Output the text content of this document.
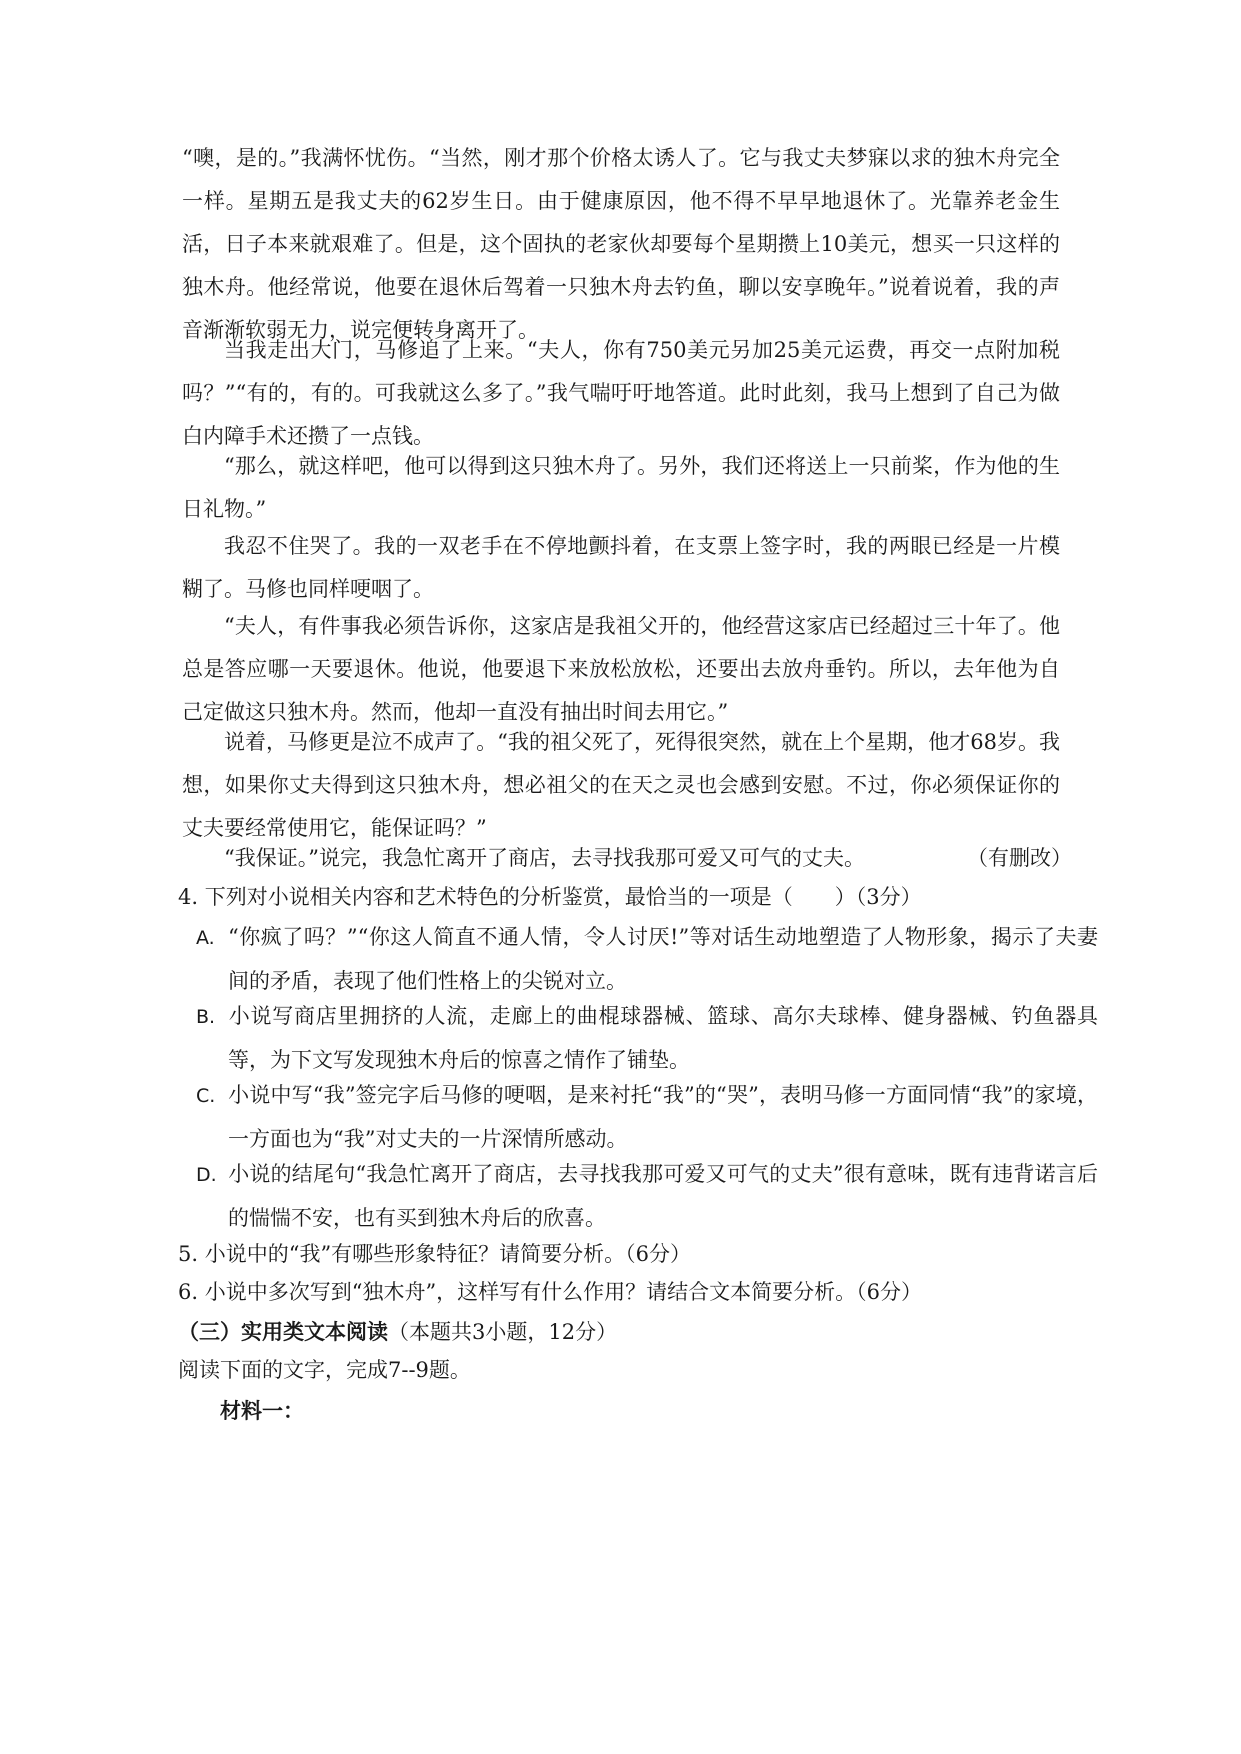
“噢，是的。”我满怀忧伤。“当然，刚才那个价格太诱人了。它与我丈夫梦寐以求的独木舟完全一样。星期五是我丈夫的62岁生日。由于健康原因，他不得不早早地退休了。光靠养老金生活，日子本来就艰难了。但是，这个固执的老家伙却要每个星期攒上10美元，想买一只这样的独木舟。他经常说，他要在退休后驾着一只独木舟去钓鱼，聊以安享晚年。”说着说着，我的声音渐渐软弱无力，说完便转身离开了。

当我走出大门，马修追了上来。“夫人，你有750美元另加25美元运费，再交一点附加税吗？”“有的，有的。可我就这么多了。”我气喘吁吁地答道。此时此刻，我马上想到了自己为做白内障手术还攒了一点钱。

“那么，就这样吧，他可以得到这只独木舟了。另外，我们还将送上一只前桨，作为他的生日礼物。”

我忍不住哭了。我的一双老手在不停地颤抖着，在支票上签字时，我的两眼已经是一片模糊了。马修也同样哽咽了。

“夫人，有件事我必须告诉你，这家店是我祖父开的，他经营这家店已经超过三十年了。他总是答应哪一天要退休。他说，他要退下来放松放松，还要出去放舟垂钓。所以，去年他为自己定做这只独木舟。然而，他却一直没有抽出时间去用它。”

说着，马修更是泣不成声了。“我的祖父死了，死得很突然，就在上个星期，他才68岁。我想，如果你丈夫得到这只独木舟，想必祖父的在天之灵也会感到安慰。不过，你必须保证你的丈夫要经常使用它，能保证吗？”

“我保证。”说完，我急忙离开了商店，去寻找我那可爱又可气的丈夫。	（有删改）

4. 下列对小说相关内容和艺术特色的分析鉴赏，最恰当的一项是（　　）（3分）

A. “你疯了吗？”“你这人简直不通人情，令人讨厌!”等对话生动地塑造了人物形象，揭示了夫妻间的矛盾，表现了他们性格上的尖锐对立。

B. 小说写商店里拥挤的人流，走廊上的曲棍球器械、篮球、高尔夫球棒、健身器械、钓鱼器具等，为下文写发现独木舟后的惊喜之情作了铺垫。

C. 小说中写“我”签完字后马修的哽咽，是来衬托“我”的“哭”，表明马修一方面同情“我”的家境，一方面也为“我”对丈夫的一片深情所感动。

D. 小说的结尾句“我急忙离开了商店，去寻找我那可爱又可气的丈夫”很有意味，既有违背诺言后的惴惴不安，也有买到独木舟后的欣喜。

5. 小说中的“我”有哪些形象特征？请简要分析。（6分）

6. 小说中多次写到“独木舟”，这样写有什么作用？请结合文本简要分析。（6分）

（三）实用类文本阅读（本题共3小题，12分）

阅读下面的文字，完成7--9题。

材料一：
